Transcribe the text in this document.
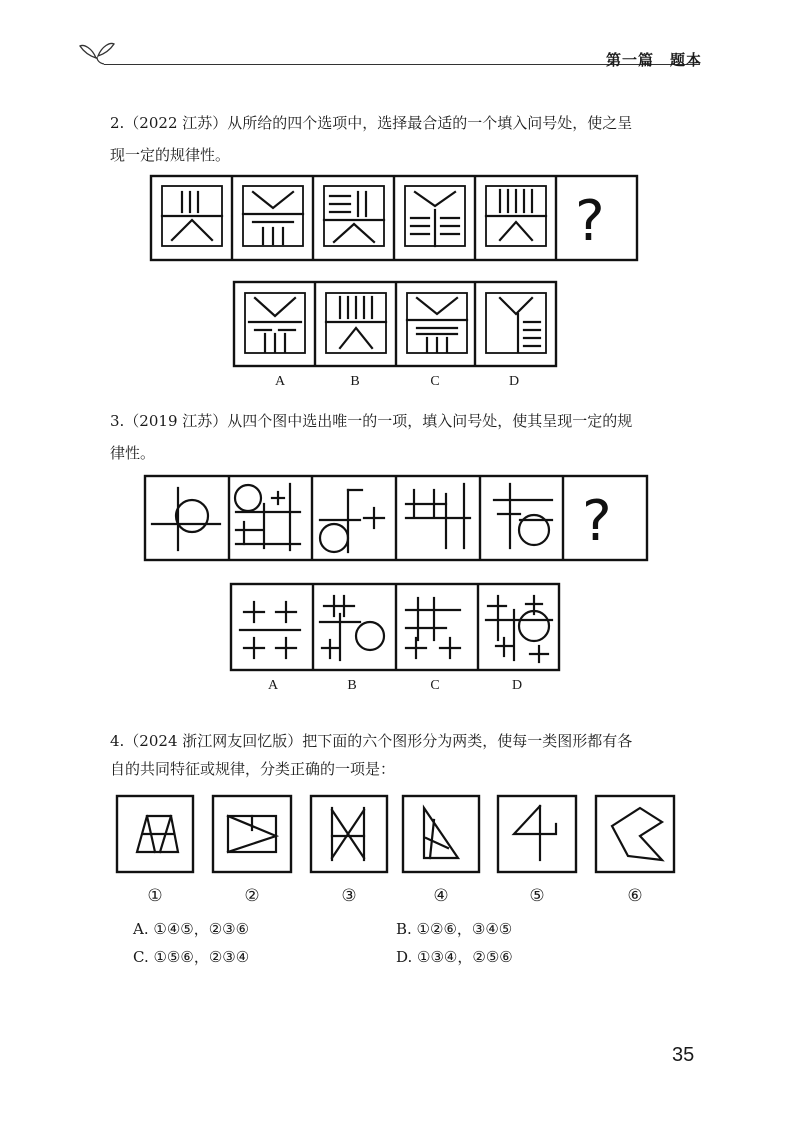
第一篇　题本
2.（2022 江苏）从所给的四个选项中，选择最合适的一个填入问号处，使之呈
现一定的规律性。
?
A	B	C	D
3.（2019 江苏）从四个图中选出唯一的一项，填入问号处，使其呈现一定的规
律性。
?
A	B	C	D
4.（2024 浙江网友回忆版）把下面的六个图形分为两类，使每一类图形都有各
自的共同特征或规律，分类正确的一项是：
①	②	③	④	⑤	⑥
A. ①④⑤，②③⑥	B. ①②⑥，③④⑤
C. ①⑤⑥，②③④	D. ①③④，②⑤⑥
35
